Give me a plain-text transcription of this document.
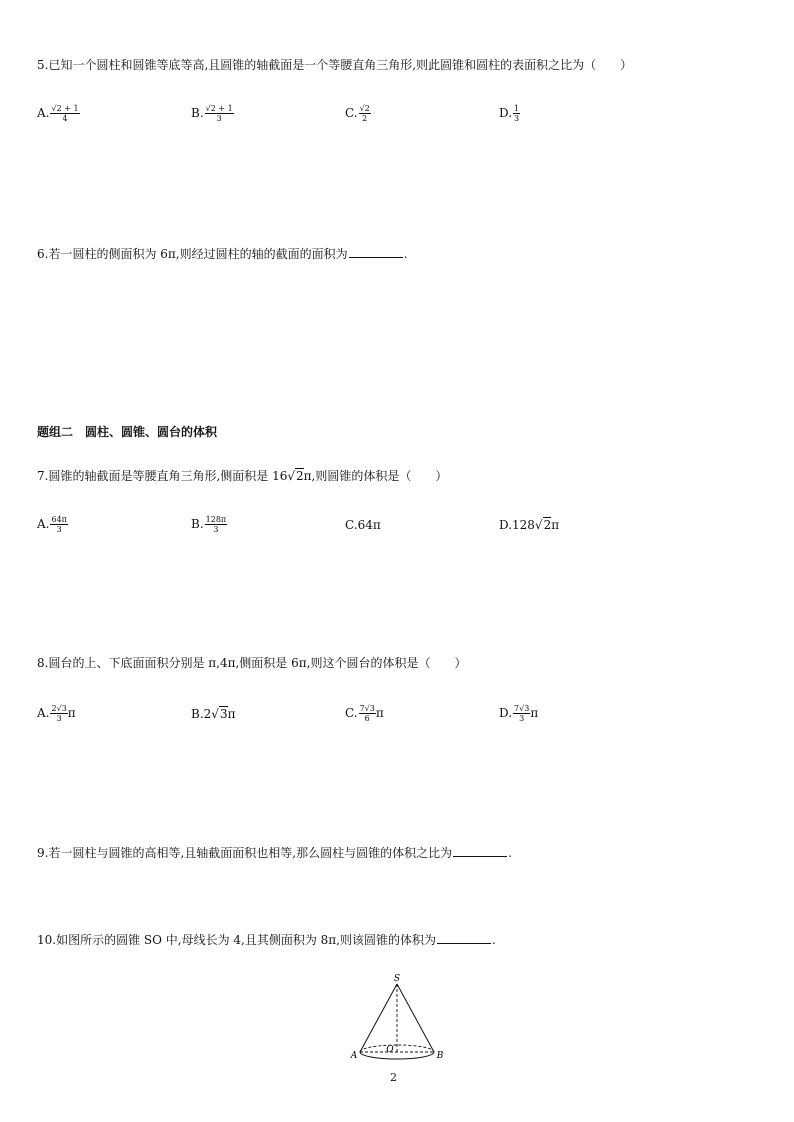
5.已知一个圆柱和圆锥等底等高,且圆锥的轴截面是一个等腰直角三角形,则此圆锥和圆柱的表面积之比为（　　）
A. $\frac{√2 + 1}{4}$	B. $\frac{√2 + 1}{3}$	C. $\frac{√2}{2}$	D. $\frac{1}{3}$
6.若一圆柱的侧面积为 6π,则经过圆柱的轴的截面的面积为	.
题组二　圆柱、圆锥、圆台的体积
7.圆锥的轴截面是等腰直角三角形,侧面积是 16√2π,则圆锥的体积是（　　）
A. $\frac{64\pi}{3}$	B. $\frac{128\pi}{3}$	C.64π	D.128√2π
8.圆台的上、下底面面积分别是 π,4π,侧面积是 6π,则这个圆台的体积是（　　）
A. $\frac{2√3}{3}$ π	B.2√3π	C. $\frac{7√3}{6}$ π	D. $\frac{7√3}{3}$ π
9.若一圆柱与圆锥的高相等,且轴截面面积也相等,那么圆柱与圆锥的体积之比为	.
10.如图所示的圆锥 SO 中,母线长为 4,且其侧面积为 8π,则该圆锥的体积为	.
S
A	B
O
2
